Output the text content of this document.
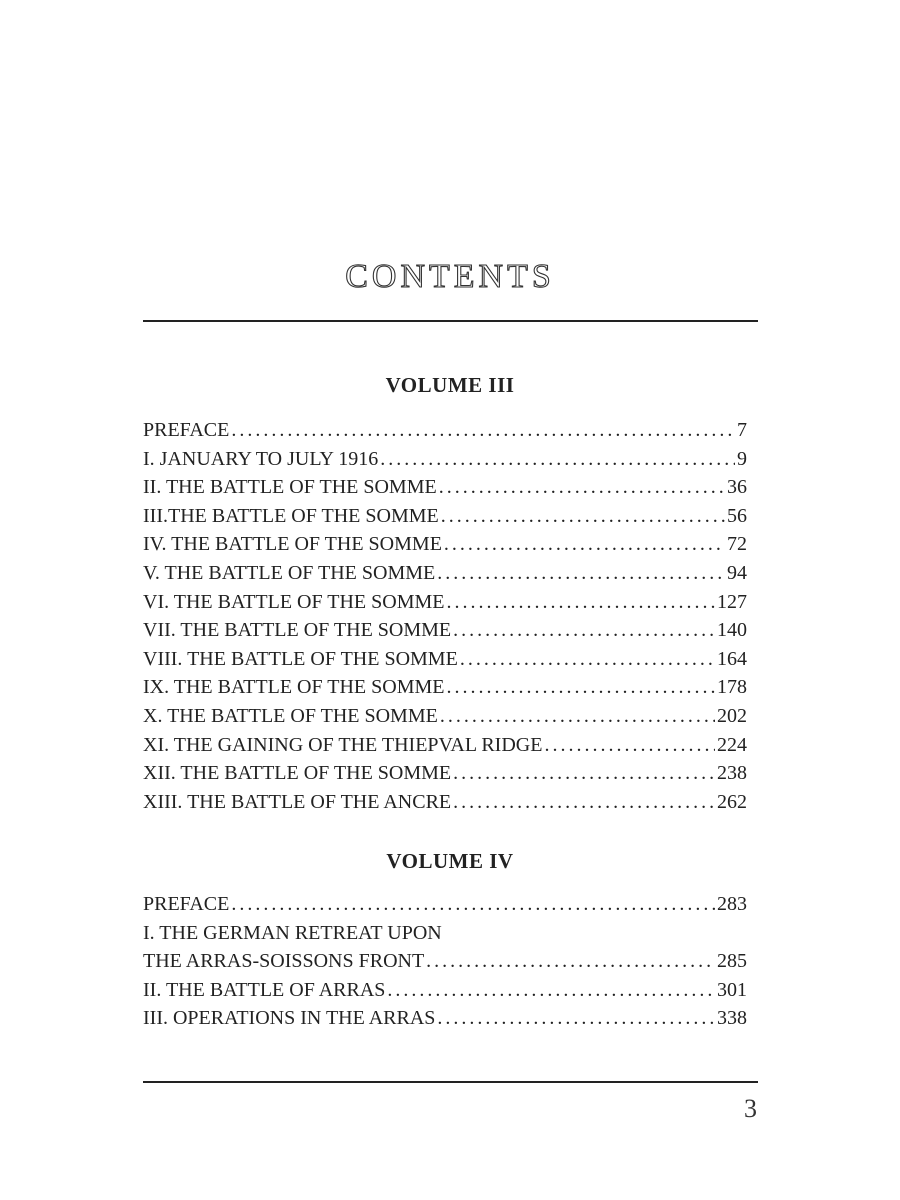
CONTENTS
VOLUME III
PREFACE . . .	7
I. JANUARY TO JULY 1916 . . .	9
II. THE BATTLE OF THE SOMME . . .	36
III.THE BATTLE OF THE SOMME . . .	56
IV. THE BATTLE OF THE SOMME . . .	72
V. THE BATTLE OF THE SOMME . . .	94
VI. THE BATTLE OF THE SOMME . . .	127
VII. THE BATTLE OF THE SOMME . . .	140
VIII. THE BATTLE OF THE SOMME . . .	164
IX. THE BATTLE OF THE SOMME . . .	178
X. THE BATTLE OF THE SOMME . . .	202
XI. THE GAINING OF THE THIEPVAL RIDGE . . .	224
XII. THE BATTLE OF THE SOMME . . .	238
XIII. THE BATTLE OF THE ANCRE . . .	262
VOLUME IV
PREFACE . . .	283
I. THE GERMAN RETREAT UPON
THE ARRAS-SOISSONS FRONT . . .	285
II. THE BATTLE OF ARRAS . . .	301
III. OPERATIONS IN THE ARRAS . . .	338
3
